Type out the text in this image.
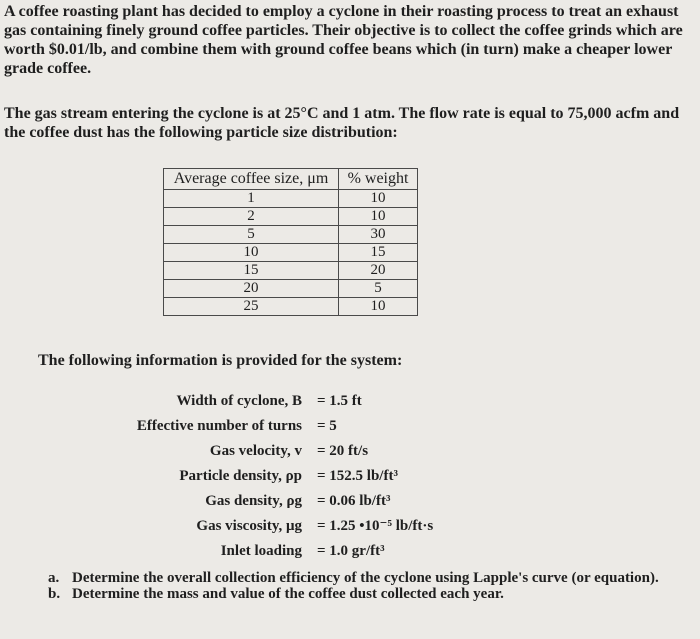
A coffee roasting plant has decided to employ a cyclone in their roasting process to treat an exhaust gas containing finely ground coffee particles. Their objective is to collect the coffee grinds which are worth $0.01/lb, and combine them with ground coffee beans which (in turn) make a cheaper lower grade coffee.

The gas stream entering the cyclone is at 25°C and 1 atm. The flow rate is equal to 75,000 acfm and the coffee dust has the following particle size distribution:

Average coffee size, μm	% weight
1	10
2	10
5	30
10	15
15	20
20	5
25	10
The following information is provided for the system:
Width of cyclone, B = 1.5 ft
Effective number of turns = 5
Gas velocity, v = 20 ft/s
Particle density, ρp = 152.5 lb/ft³
Gas density, ρg = 0.06 lb/ft³
Gas viscosity, μg = 1.25 •10⁻⁵ lb/ft·s
Inlet loading = 1.0 gr/ft³
a. Determine the overall collection efficiency of the cyclone using Lapple's curve (or equation).
b. Determine the mass and value of the coffee dust collected each year.
